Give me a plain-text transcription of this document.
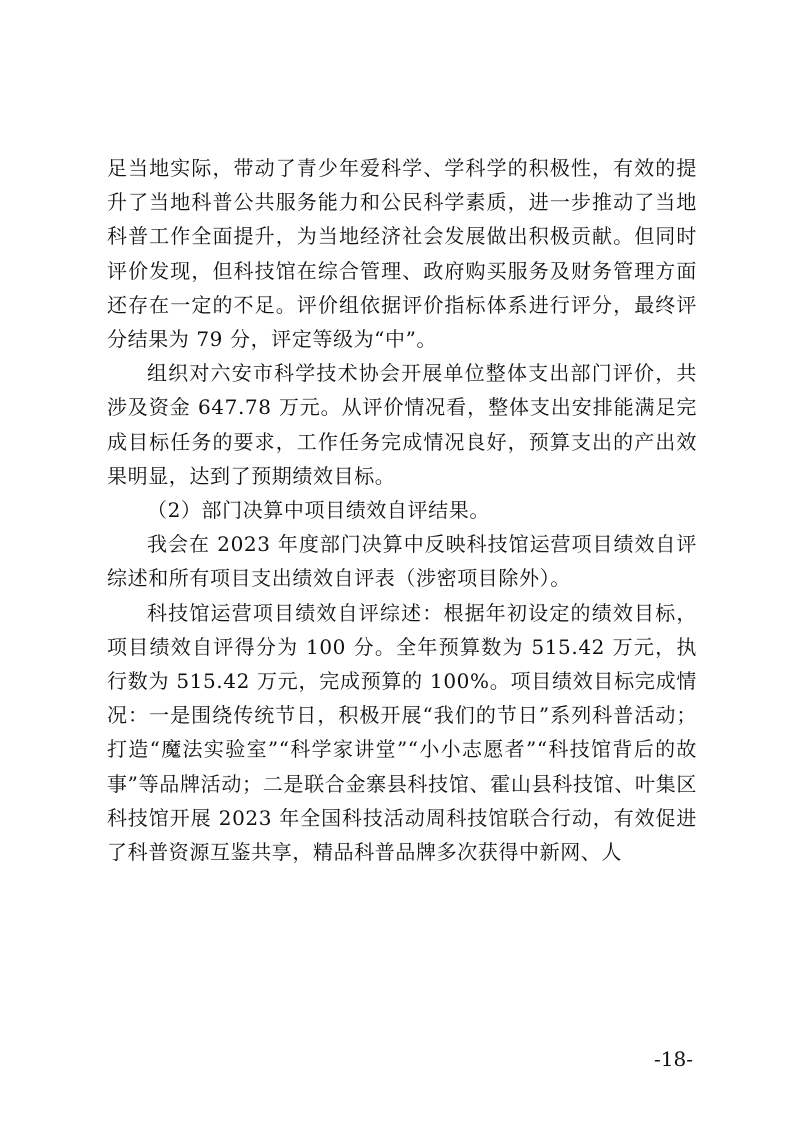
足当地实际，带动了青少年爱科学、学科学的积极性，有效的提升了当地科普公共服务能力和公民科学素质，进一步推动了当地科普工作全面提升，为当地经济社会发展做出积极贡献。但同时评价发现，但科技馆在综合管理、政府购买服务及财务管理方面还存在一定的不足。评价组依据评价指标体系进行评分，最终评分结果为 79 分，评定等级为“中”。

组织对六安市科学技术协会开展单位整体支出部门评价，共涉及资金 647.78 万元。从评价情况看，整体支出安排能满足完成目标任务的要求，工作任务完成情况良好，预算支出的产出效果明显，达到了预期绩效目标。

（2）部门决算中项目绩效自评结果。

我会在 2023 年度部门决算中反映科技馆运营项目绩效自评综述和所有项目支出绩效自评表（涉密项目除外）。

科技馆运营项目绩效自评综述：根据年初设定的绩效目标，项目绩效自评得分为 100 分。全年预算数为 515.42 万元，执行数为 515.42 万元，完成预算的 100%。项目绩效目标完成情况：一是围绕传统节日，积极开展“我们的节日”系列科普活动；打造“魔法实验室”“科学家讲堂”“小小志愿者”“科技馆背后的故事”等品牌活动；二是联合金寨县科技馆、霍山县科技馆、叶集区科技馆开展 2023 年全国科技活动周科技馆联合行动，有效促进了科普资源互鉴共享，精品科普品牌多次获得中新网、人

-18-
